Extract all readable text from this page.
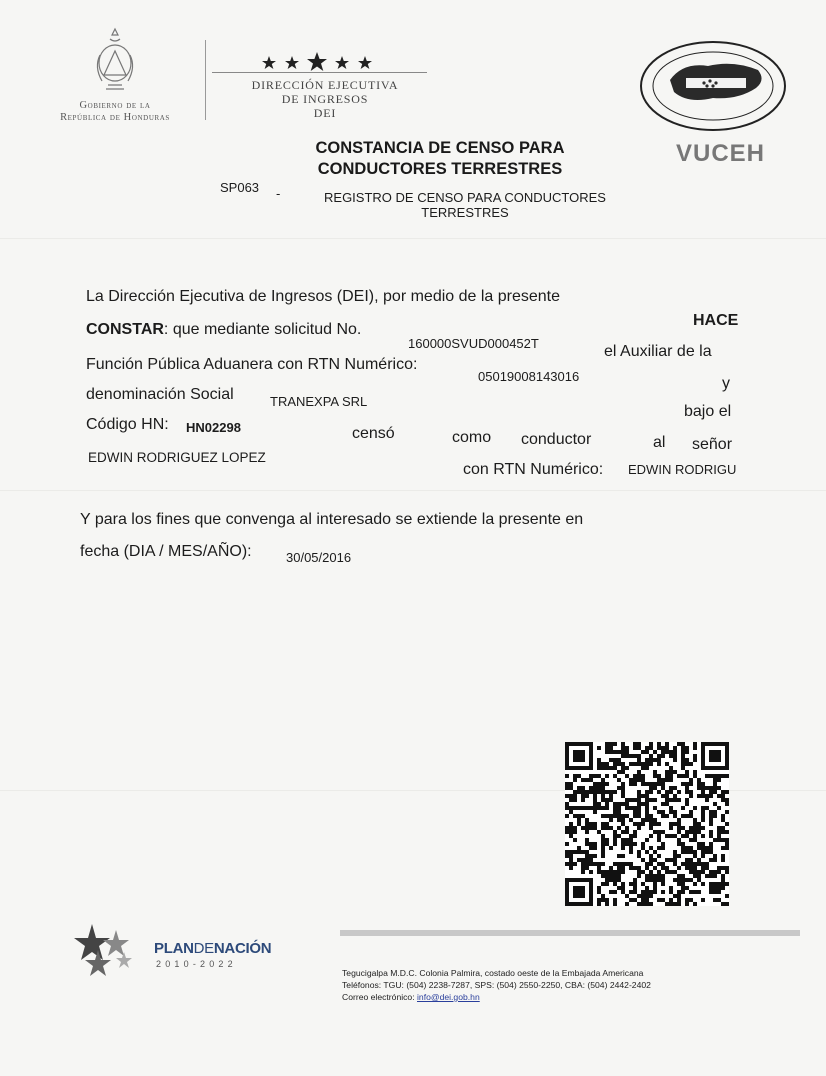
Gobierno de la
República de Honduras
DIRECCIÓN EJECUTIVA
DE INGRESOS
DEI
VUCEH
CONSTANCIA DE CENSO PARA
CONDUCTORES TERRESTRES
SP063 -	REGISTRO DE CENSO PARA CONDUCTORES
TERRESTRES
La Dirección Ejecutiva de Ingresos (DEI), por medio de la presente
HACE
CONSTAR: que mediante solicitud No.
160000SVUD000452T	el Auxiliar de la
Función Pública Aduanera con RTN Numérico:
05019008143016	y
denominación Social	TRANEXPA SRL
bajo el
Código HN: HN02298	censó	como conductor	al señor
EDWIN RODRIGUEZ LOPEZ
con RTN Numérico: EDWIN RODRIGU
Y para los fines que convenga al interesado se extiende la presente en
fecha (DIA / MES/AÑO):	30/05/2016
PLANDENACIÓN
2010-2022
Tegucigalpa M.D.C. Colonia Palmira, costado oeste de la Embajada Americana
Teléfonos: TGU: (504) 2238-7287, SPS: (504) 2550-2250, CBA: (504) 2442-2402
Correo electrónico: info@dei.gob.hn
